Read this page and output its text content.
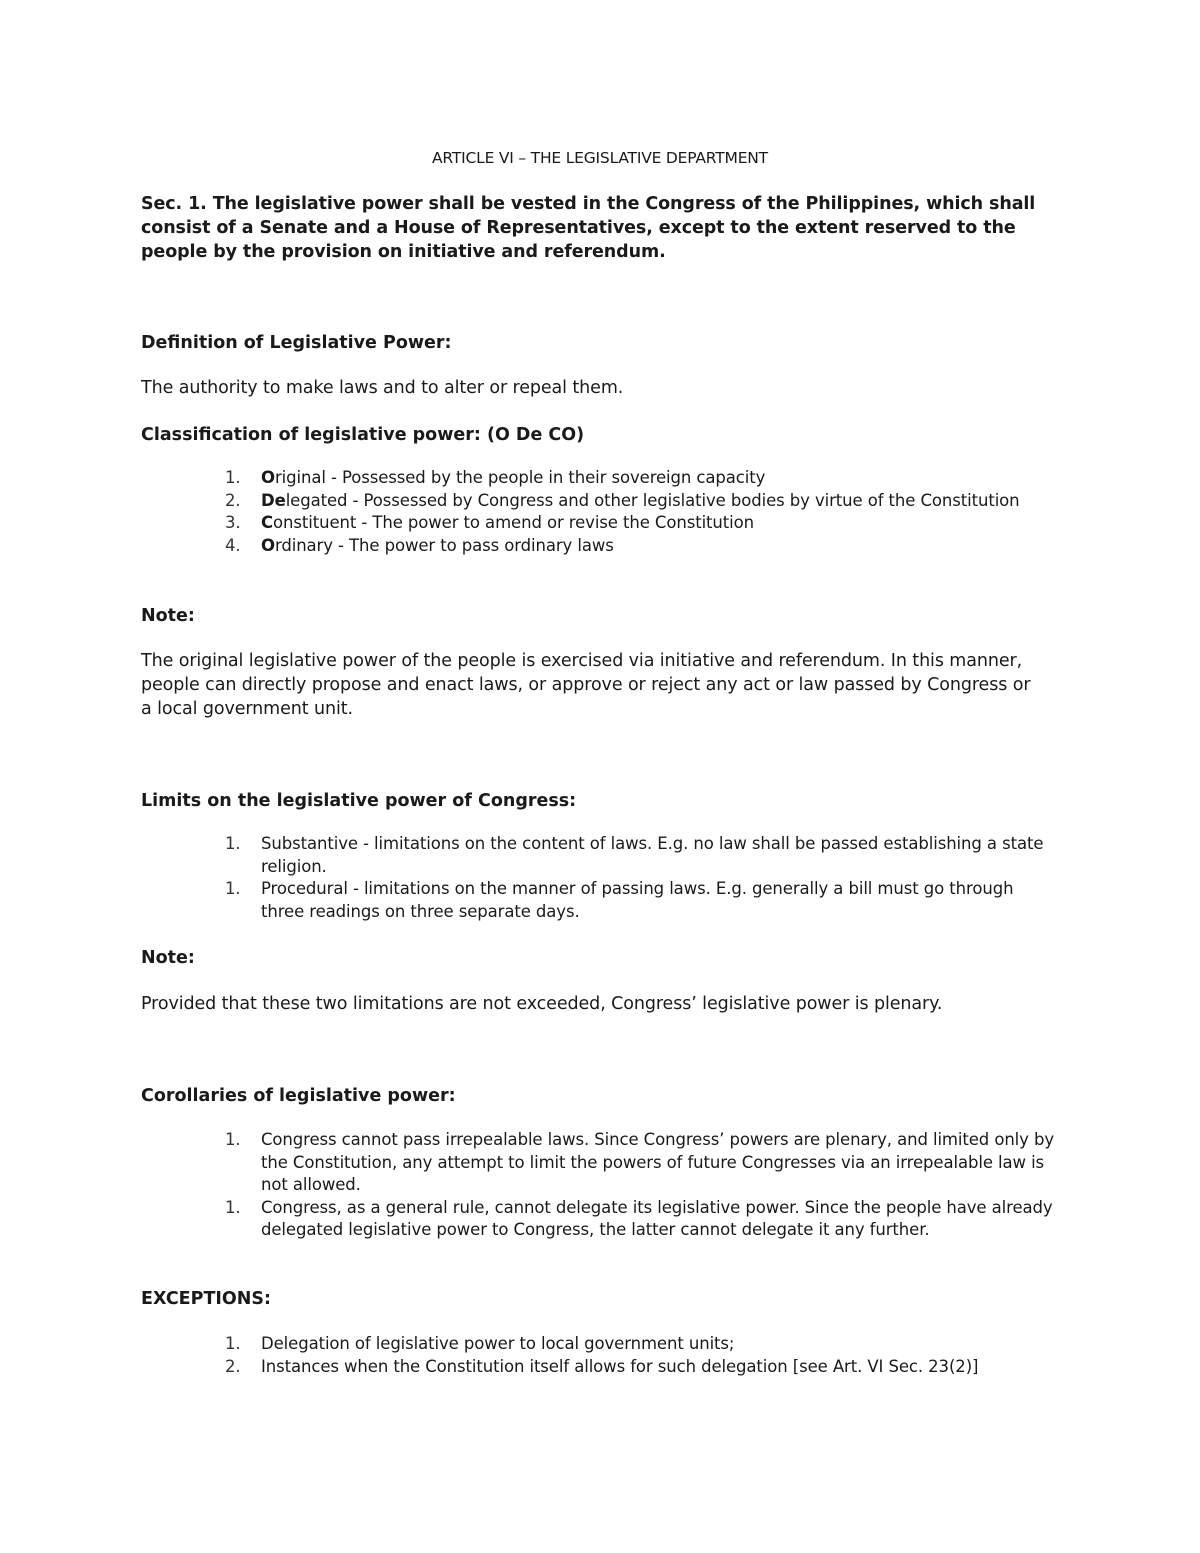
ARTICLE VI – THE LEGISLATIVE DEPARTMENT
Sec. 1. The legislative power shall be vested in the Congress of the Philippines, which shall consist of a Senate and a House of Representatives, except to the extent reserved to the people by the provision on initiative and referendum.
Definition of Legislative Power:
The authority to make laws and to alter or repeal them.
Classification of legislative power: (O De CO)
1. Original - Possessed by the people in their sovereign capacity
2. Delegated - Possessed by Congress and other legislative bodies by virtue of the Constitution
3. Constituent - The power to amend or revise the Constitution
4. Ordinary - The power to pass ordinary laws
Note:
The original legislative power of the people is exercised via initiative and referendum. In this manner, people can directly propose and enact laws, or approve or reject any act or law passed by Congress or a local government unit.
Limits on the legislative power of Congress:
1. Substantive - limitations on the content of laws. E.g. no law shall be passed establishing a state religion.
1. Procedural - limitations on the manner of passing laws. E.g. generally a bill must go through three readings on three separate days.
Note:
Provided that these two limitations are not exceeded, Congress’ legislative power is plenary.
Corollaries of legislative power:
1. Congress cannot pass irrepealable laws. Since Congress’ powers are plenary, and limited only by the Constitution, any attempt to limit the powers of future Congresses via an irrepealable law is not allowed.
1. Congress, as a general rule, cannot delegate its legislative power. Since the people have already delegated legislative power to Congress, the latter cannot delegate it any further.
EXCEPTIONS:
1. Delegation of legislative power to local government units;
2. Instances when the Constitution itself allows for such delegation [see Art. VI Sec. 23(2)]
